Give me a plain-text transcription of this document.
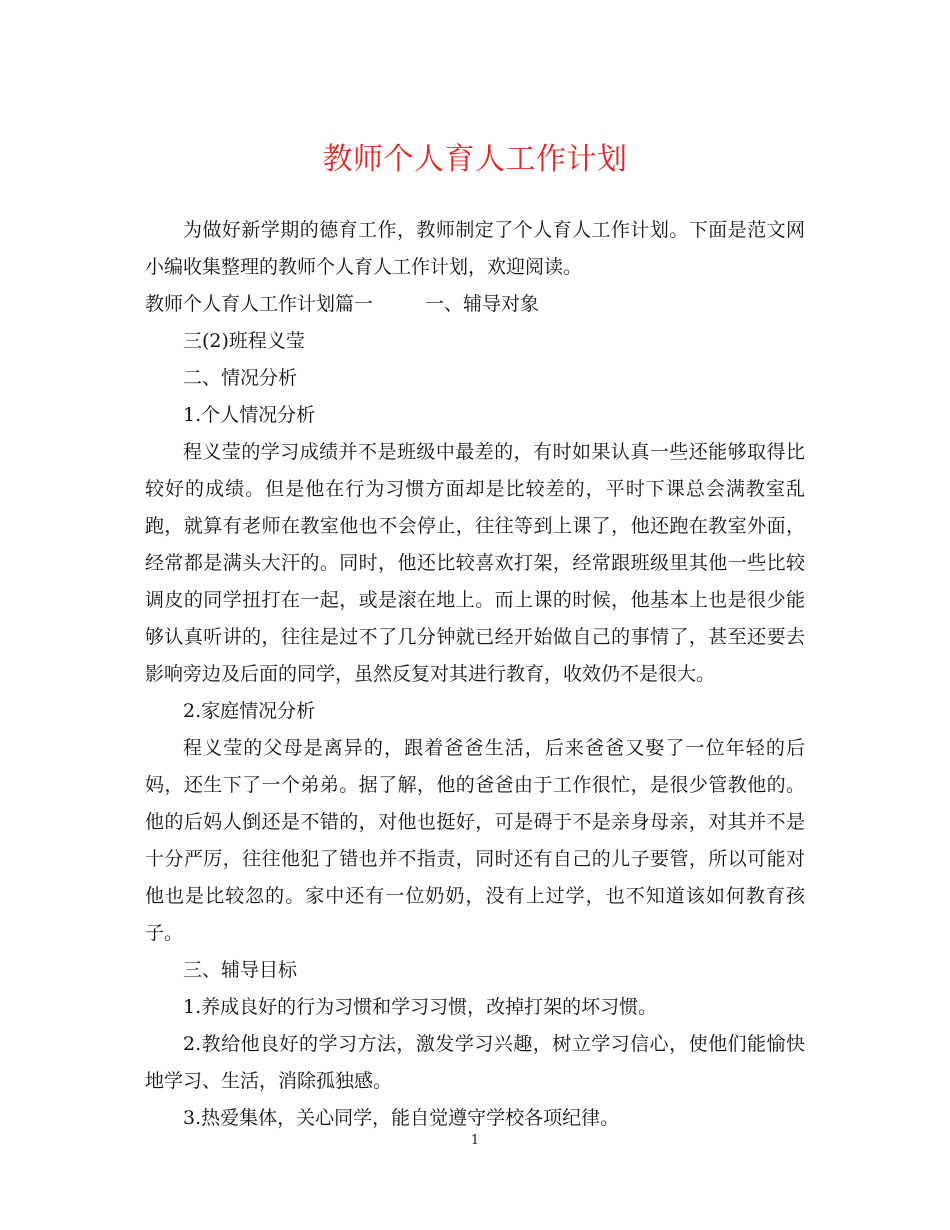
教师个人育人工作计划

为做好新学期的德育工作，教师制定了个人育人工作计划。下面是范文网小编收集整理的教师个人育人工作计划，欢迎阅读。

教师个人育人工作计划篇一	一、辅导对象

三(2)班程义莹

二、情况分析

1.个人情况分析

程义莹的学习成绩并不是班级中最差的，有时如果认真一些还能够取得比较好的成绩。但是他在行为习惯方面却是比较差的，平时下课总会满教室乱跑，就算有老师在教室他也不会停止，往往等到上课了，他还跑在教室外面，经常都是满头大汗的。同时，他还比较喜欢打架，经常跟班级里其他一些比较调皮的同学扭打在一起，或是滚在地上。而上课的时候，他基本上也是很少能够认真听讲的，往往是过不了几分钟就已经开始做自己的事情了，甚至还要去影响旁边及后面的同学，虽然反复对其进行教育，收效仍不是很大。

2.家庭情况分析

程义莹的父母是离异的，跟着爸爸生活，后来爸爸又娶了一位年轻的后妈，还生下了一个弟弟。据了解，他的爸爸由于工作很忙，是很少管教他的。他的后妈人倒还是不错的，对他也挺好，可是碍于不是亲身母亲，对其并不是十分严厉，往往他犯了错也并不指责，同时还有自己的儿子要管，所以可能对他也是比较忽的。家中还有一位奶奶，没有上过学，也不知道该如何教育孩子。

三、辅导目标

1.养成良好的行为习惯和学习习惯，改掉打架的坏习惯。

2.教给他良好的学习方法，激发学习兴趣，树立学习信心，使他们能愉快地学习、生活，消除孤独感。

3.热爱集体，关心同学，能自觉遵守学校各项纪律。

1
